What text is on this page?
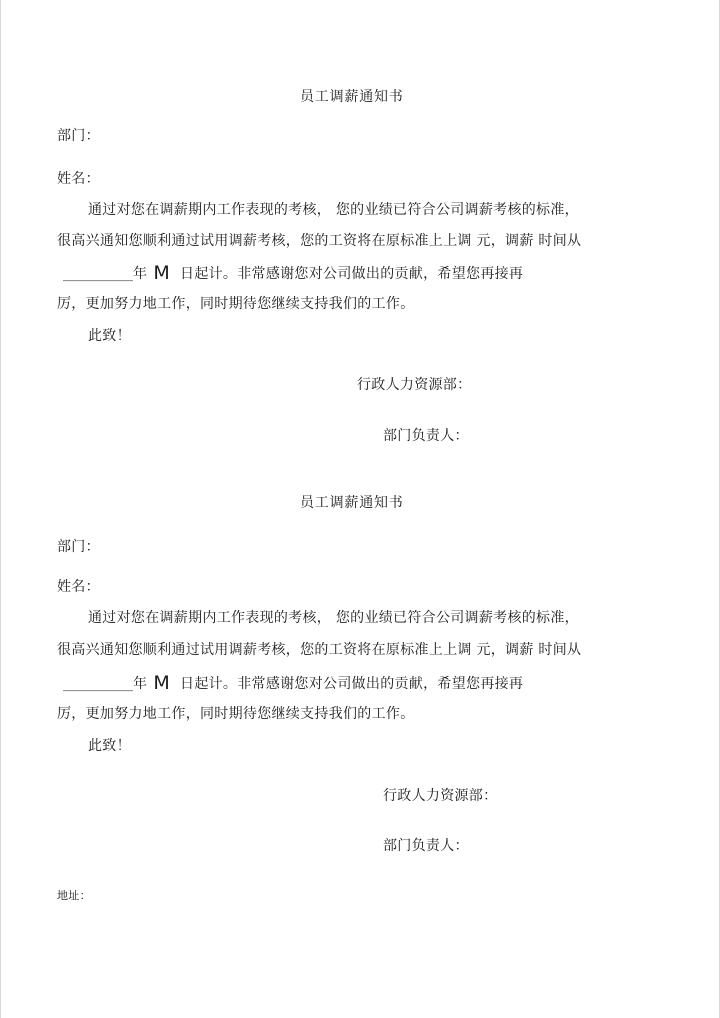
员工调薪通知书
部门：
姓名：
通过对您在调薪期内工作表现的考核， 您的业绩已符合公司调薪考核的标准，
很高兴通知您顺利通过试用调薪考核，您的工资将在原标准上上调 元，调薪 时间从
__________年 M 日起计。非常感谢您对公司做出的贡献，希望您再接再
厉，更加努力地工作，同时期待您继续支持我们的工作。
此致！
行政人力资源部：
部门负责人：
员工调薪通知书
部门：
姓名：
通过对您在调薪期内工作表现的考核， 您的业绩已符合公司调薪考核的标准，
很高兴通知您顺利通过试用调薪考核，您的工资将在原标准上上调 元，调薪 时间从
__________年 M 日起计。非常感谢您对公司做出的贡献，希望您再接再
厉，更加努力地工作，同时期待您继续支持我们的工作。
此致！
行政人力资源部：
部门负责人：
地址：
